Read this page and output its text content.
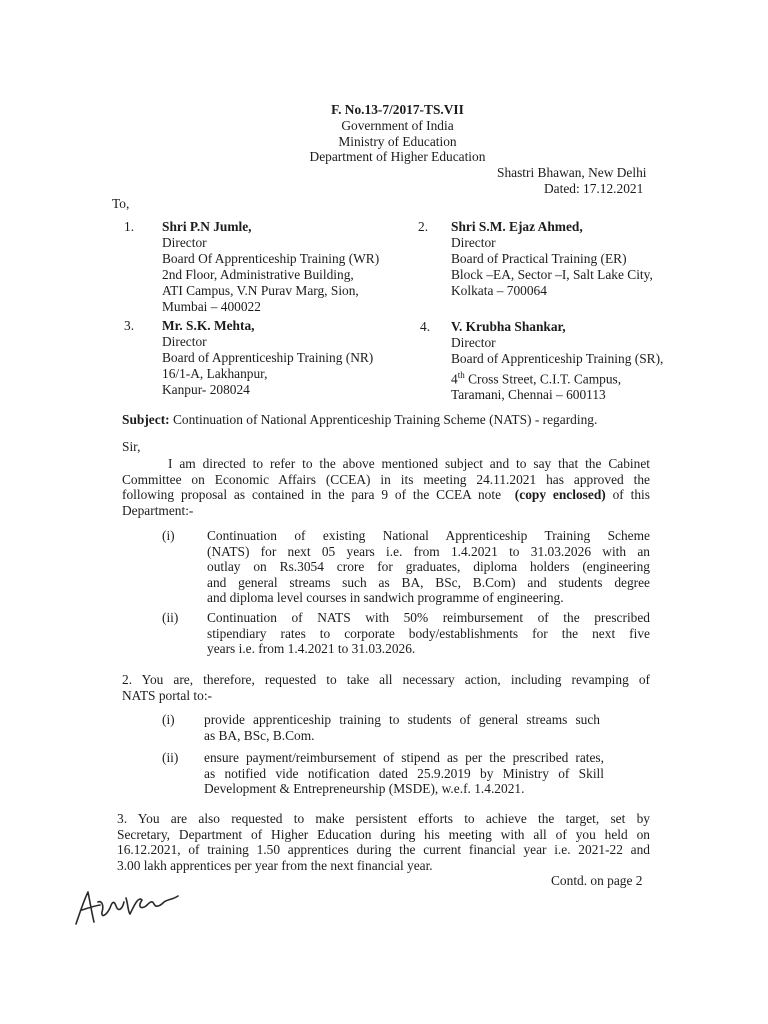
F. No.13-7/2017-TS.VII
Government of India
Ministry of Education
Department of Higher Education
Shastri Bhawan, New Delhi
Dated: 17.12.2021
To,
1. Shri P.N Jumle,
Director
Board Of Apprenticeship Training (WR)
2nd Floor, Administrative Building,
ATI Campus, V.N Purav Marg, Sion,
Mumbai – 400022
2. Shri S.M. Ejaz Ahmed,
Director
Board of Practical Training (ER)
Block –EA, Sector –I, Salt Lake City,
Kolkata – 700064
3. Mr. S.K. Mehta,
Director
Board of Apprenticeship Training (NR)
16/1-A, Lakhanpur,
Kanpur- 208024
4. V. Krubha Shankar,
Director
Board of Apprenticeship Training (SR),
4th Cross Street, C.I.T. Campus,
Taramani, Chennai – 600113
Subject: Continuation of National Apprenticeship Training Scheme (NATS) - regarding.
Sir,
I am directed to refer to the above mentioned subject and to say that the Cabinet
Committee on Economic Affairs (CCEA) in its meeting 24.11.2021 has approved the
following proposal as contained in the para 9 of the CCEA note (copy enclosed) of this
Department:-
(i) Continuation of existing National Apprenticeship Training Scheme
(NATS) for next 05 years i.e. from 1.4.2021 to 31.03.2026 with an
outlay on Rs.3054 crore for graduates, diploma holders (engineering
and general streams such as BA, BSc, B.Com) and students degree
and diploma level courses in sandwich programme of engineering.
(ii) Continuation of NATS with 50% reimbursement of the prescribed
stipendiary rates to corporate body/establishments for the next five
years i.e. from 1.4.2021 to 31.03.2026.
2. You are, therefore, requested to take all necessary action, including revamping of
NATS portal to:-
(i) provide apprenticeship training to students of general streams such
as BA, BSc, B.Com.
(ii) ensure payment/reimbursement of stipend as per the prescribed rates,
as notified vide notification dated 25.9.2019 by Ministry of Skill
Development & Entrepreneurship (MSDE), w.e.f. 1.4.2021.
3. You are also requested to make persistent efforts to achieve the target, set by
Secretary, Department of Higher Education during his meeting with all of you held on
16.12.2021, of training 1.50 apprentices during the current financial year i.e. 2021-22 and
3.00 lakh apprentices per year from the next financial year.
Contd. on page 2
